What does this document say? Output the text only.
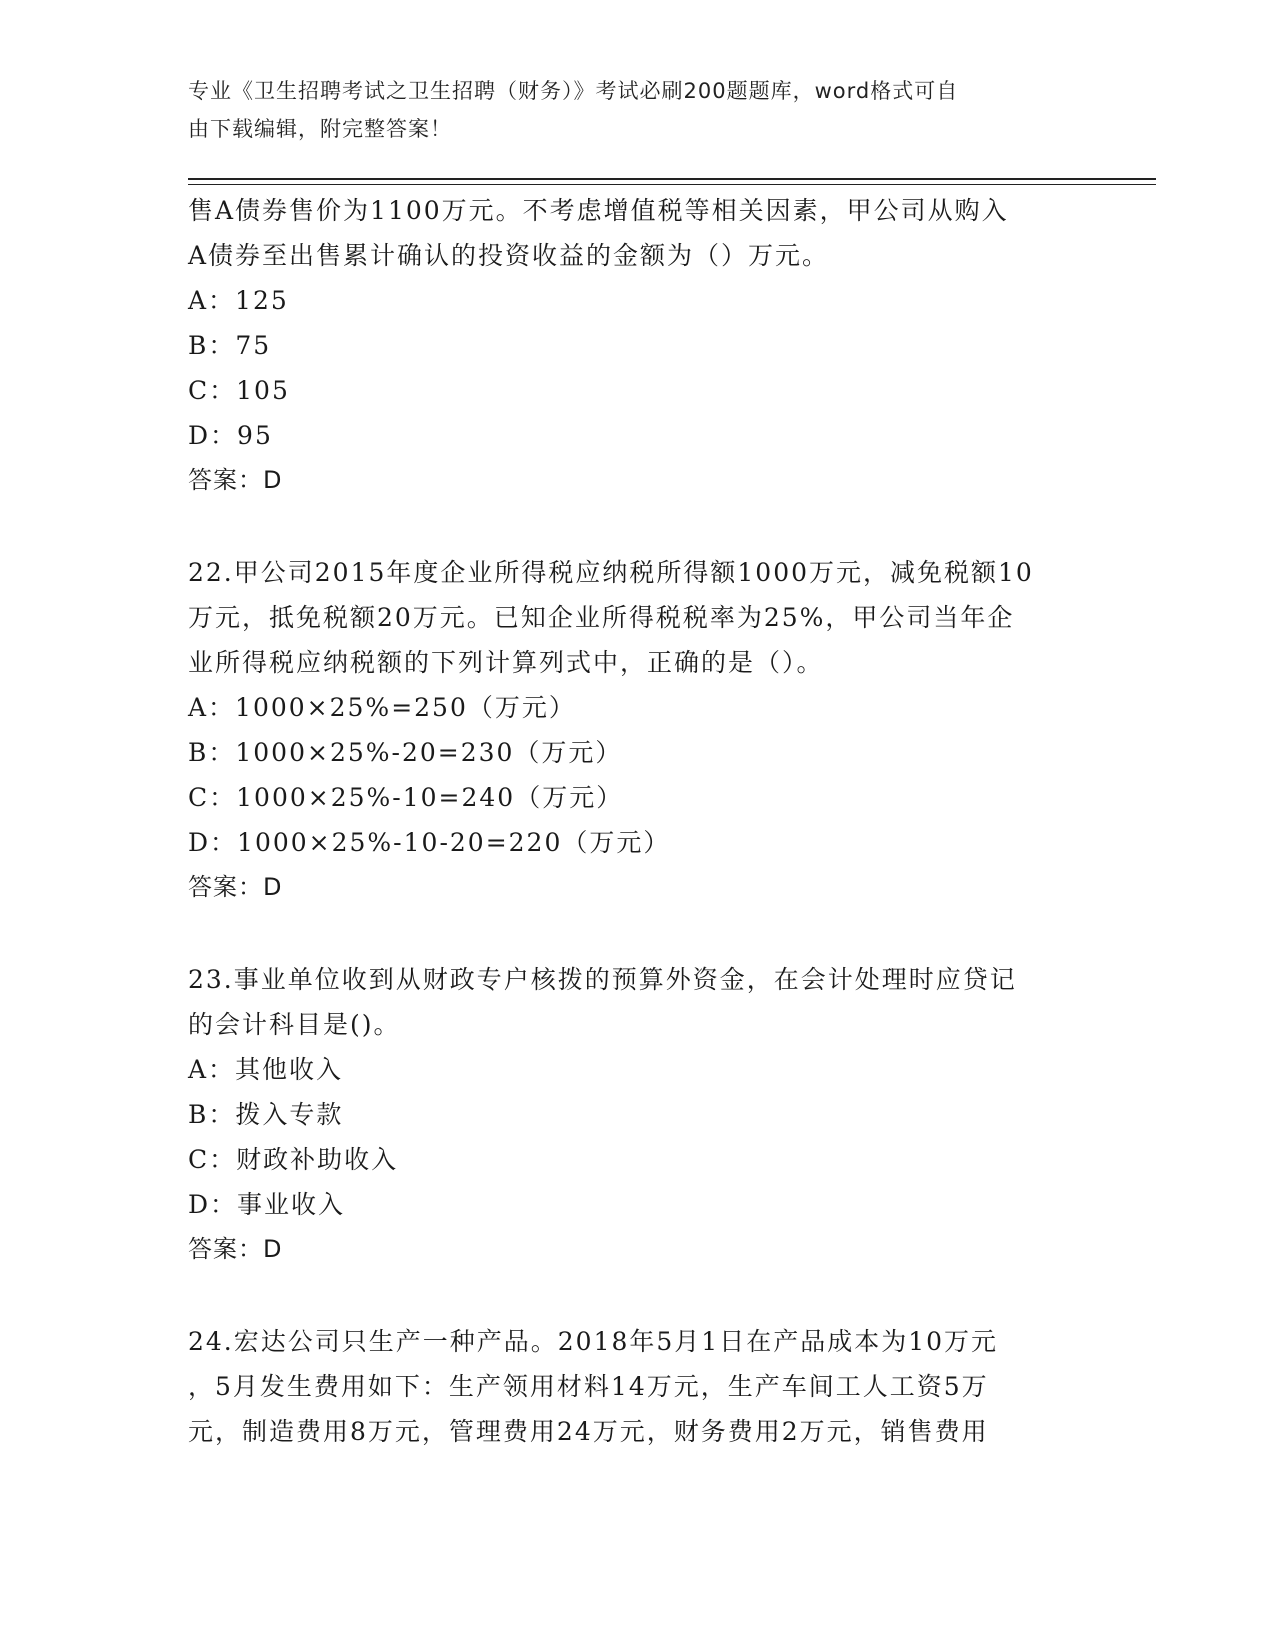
专业《卫生招聘考试之卫生招聘（财务）》考试必刷200题题库，word格式可自
由下载编辑，附完整答案！
售A债券售价为1100万元。不考虑增值税等相关因素，甲公司从购入
A债券至出售累计确认的投资收益的金额为（）万元。
A：125
B：75
C：105
D：95
答案：D
22.甲公司2015年度企业所得税应纳税所得额1000万元，减免税额10
万元，抵免税额20万元。已知企业所得税税率为25%，甲公司当年企
业所得税应纳税额的下列计算列式中，正确的是（）。
A：1000×25%=250（万元）
B：1000×25%-20=230（万元）
C：1000×25%-10=240（万元）
D：1000×25%-10-20=220（万元）
答案：D
23.事业单位收到从财政专户核拨的预算外资金，在会计处理时应贷记
的会计科目是()。
A：其他收入
B：拨入专款
C：财政补助收入
D：事业收入
答案：D
24.宏达公司只生产一种产品。2018年5月1日在产品成本为10万元
，5月发生费用如下：生产领用材料14万元，生产车间工人工资5万
元，制造费用8万元，管理费用24万元，财务费用2万元，销售费用
